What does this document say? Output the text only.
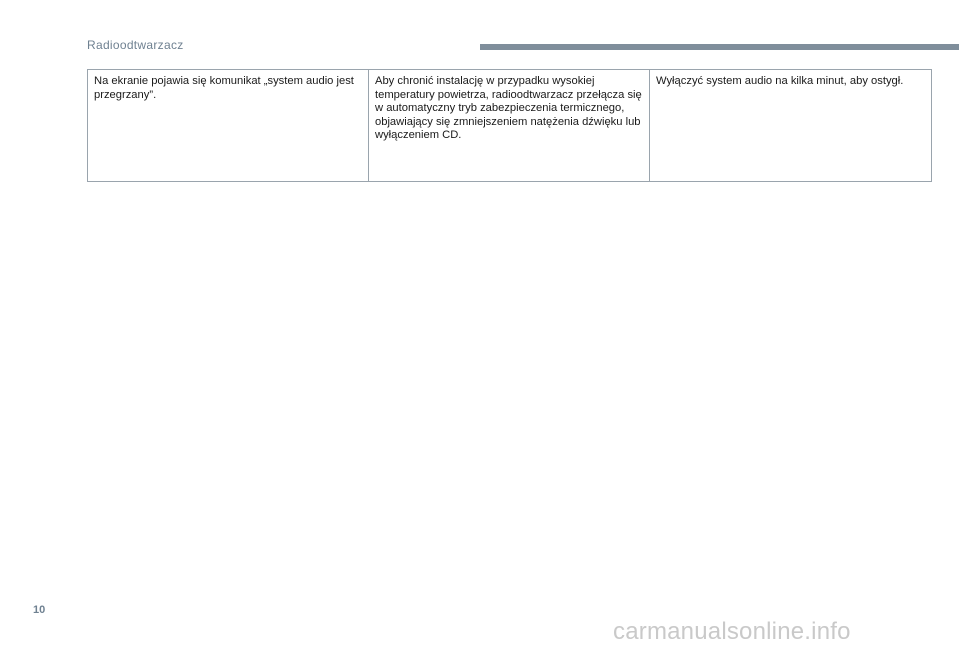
Radioodtwarzacz
Na ekranie pojawia się komunikat „system audio jest przegrzany”.	Aby chronić instalację w przypadku wysokiej temperatury powietrza, radioodtwarzacz przełącza się w automatyczny tryb zabezpieczenia termicznego, objawiający się zmniejszeniem natężenia dźwięku lub wyłączeniem CD.	Wyłączyć system audio na kilka minut, aby ostygł.
10
carmanualsonline.info
